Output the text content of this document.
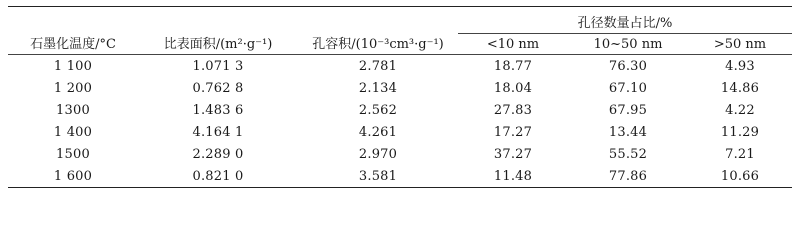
石墨化温度/°C	比表面积/(m²·g⁻¹)	孔容积/(10⁻³cm³·g⁻¹)	孔径数量占比/%		
			<10 nm	10~50 nm	>50 nm

1 100	1.071 3	2.781	18.77	76.30	4.93
1 200	0.762 8	2.134	18.04	67.10	14.86
1300	1.483 6	2.562	27.83	67.95	4.22
1 400	4.164 1	4.261	17.27	13.44	11.29
1500	2.289 0	2.970	37.27	55.52	7.21
1 600	0.821 0	3.581	11.48	77.86	10.66
